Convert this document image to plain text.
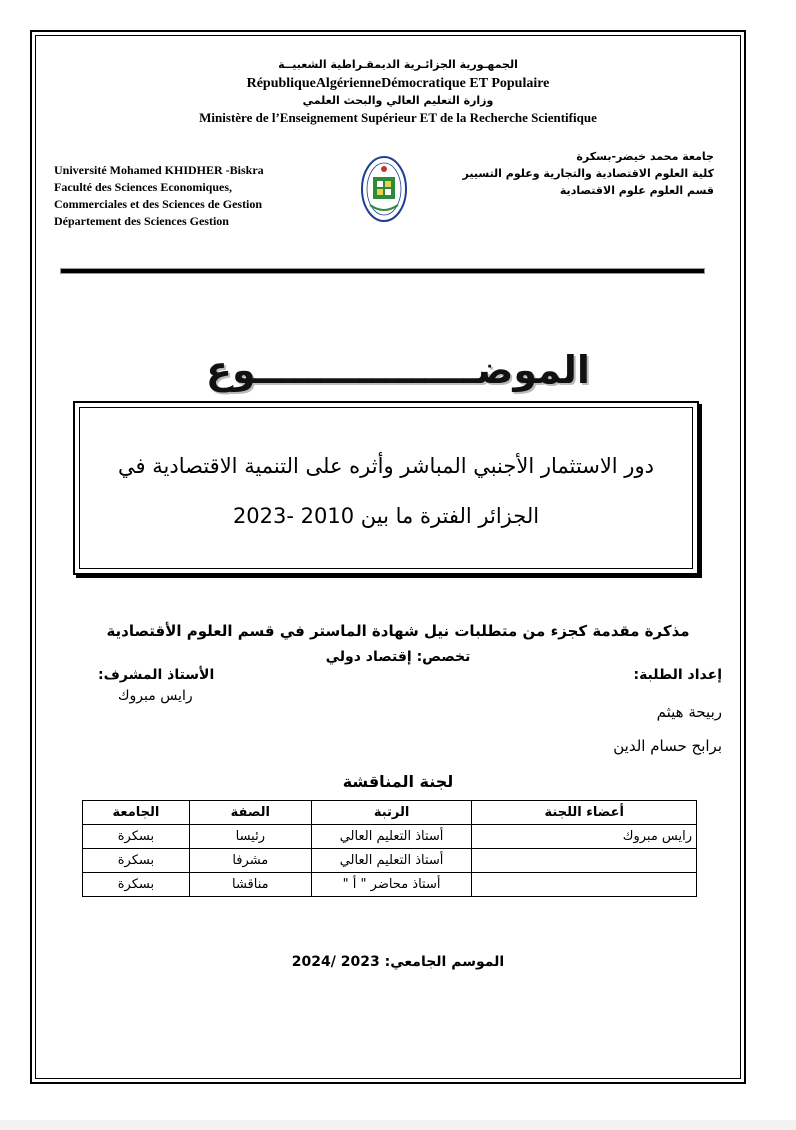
الجمهـورية الجزائـرية الديمقـراطية الشعبيــة
RépubliqueAlgérienneDémocratique ET Populaire
وزارة التعليم العالي والبحث العلمي
Ministère de l’Enseignement Supérieur ET de la Recherche Scientifique
Université Mohamed KHIDHER -Biskra
Faculté des Sciences Economiques,
Commerciales et des Sciences de Gestion
Département des Sciences Gestion
جامعة محمد خيضر-بسكرة
كلية العلوم الاقتصادية والتجارية وعلوم التسيير
قسم العلوم علوم الاقتصادية
الموضـــــــــــــــــوع
دور الاستثمار الأجنبي المباشر وأثره على التنمية الاقتصادية في
الجزائر الفترة ما بين 2010 -2023
مذكرة مقدمة كجزء من متطلبات نيل شهادة الماستر في قسم العلوم الأقتصادية
تخصص: إقتصاد دولي
إعداد الطلبة:
ربيحة هيثم
برابح حسام الدين
الأستاذ المشرف:
رايس مبروك
لجنة المناقشة
أعضاء اللجنة	الرتبة	الصفة	الجامعة
رايس مبروك	أستاذ التعليم العالي	رئيسا	بسكرة
	أستاذ التعليم العالي	مشرفا	بسكرة
	أستاذ محاضر " أ "	مناقشا	بسكرة
الموسم الجامعي: 2023 /2024
